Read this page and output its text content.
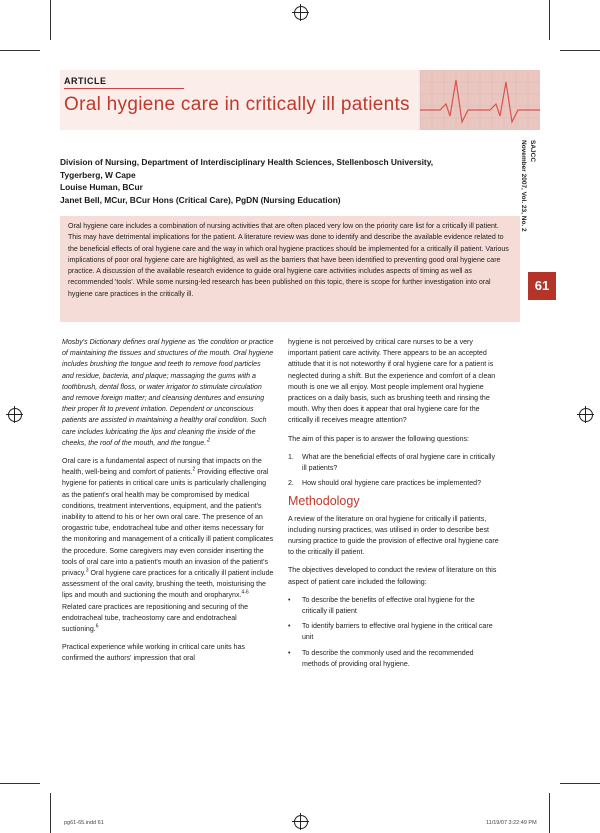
ARTICLE
Oral hygiene care in critically ill patients
SAJCC
November 2007, Vol. 23, No. 2
61
Division of Nursing, Department of Interdisciplinary Health Sciences, Stellenbosch University,
Tygerberg, W Cape
Louise Human, BCur
Janet Bell, MCur, BCur Hons (Critical Care), PgDN (Nursing Education)
Oral hygiene care includes a combination of nursing activities that are often placed very low on the priority care list for a critically ill patient. This may have detrimental implications for the patient. A literature review was done to identify and describe the available evidence related to the beneficial effects of oral hygiene care and the way in which oral hygiene practices should be implemented for a critically ill patient. Various implications of poor oral hygiene care are highlighted, as well as the barriers that have been identified to preventing good oral hygiene care practice. A discussion of the available research evidence to guide oral hygiene care activities includes aspects of timing as well as recommended 'tools'. While some nursing-led research has been published on this topic, there is scope for further investigation into oral hygiene care practices in the critically ill.

Mosby's Dictionary defines oral hygiene as 'the condition or practice of maintaining the tissues and structures of the mouth. Oral hygiene includes brushing the tongue and teeth to remove food particles and residue, bacteria, and plaque; massaging the gums with a toothbrush, dental floss, or water irrigator to stimulate circulation and remove foreign matter; and cleansing dentures and ensuring their proper fit to prevent irritation. Dependent or unconscious patients are assisted in maintaining a healthy oral condition. Such care includes lubricating the lips and cleaning the inside of the cheeks, the roof of the mouth, and the $tongue.'^1$

Oral care is a fundamental aspect of nursing that impacts on the health, well-being and comfort of patients.$^2$ Providing effective oral hygiene for patients in critical care units is particularly challenging as the patient's oral health may be compromised by medical conditions, treatment interventions, equipment, and the patient's inability to attend to his or her own oral care. The presence of an orogastric tube, endotracheal tube and other items necessary for the monitoring and management of a critically ill patient complicates the procedure. Some caregivers may even consider inserting the tools of oral care into a patient's mouth an invasion of the patient's privacy.$^3$ Oral hygiene care practices for a critically ill patient include assessment of the oral cavity, brushing the teeth, moisturising the lips and mouth and suctioning the mouth and oropharynx.$^{4-6}$ Related care practices are repositioning and securing of the endotracheal tube, tracheostomy care and endotracheal suctioning.$^6$

Practical experience while working in critical care units has confirmed the authors' impression that oral

hygiene is not perceived by critical care nurses to be a very important patient care activity. There appears to be an accepted attitude that it is not noteworthy if oral hygiene care for a patient is neglected during a shift. But the experience and comfort of a clean mouth is one we all enjoy. Most people implement oral hygiene practices on a daily basis, such as brushing teeth and rinsing the mouth. Why then does it appear that oral hygiene care for the critically ill receives meagre attention?

The aim of this paper is to answer the following questions:

1. What are the beneficial effects of oral hygiene care in critically ill patients?
2. How should oral hygiene care practices be implemented?
Methodology

A review of the literature on oral hygiene for critically ill patients, including nursing practices, was utilised in order to describe best nursing practice to guide the provision of effective oral hygiene care to the critically ill patient.

The objectives developed to conduct the review of literature on this aspect of patient care included the following:

• To describe the benefits of effective oral hygiene for the critically ill patient
• To identify barriers to effective oral hygiene in the critical care unit
• To describe the commonly used and the recommended methods of providing oral hygiene.
pg61-65.indd 61	11/19/07 3:22:49 PM
